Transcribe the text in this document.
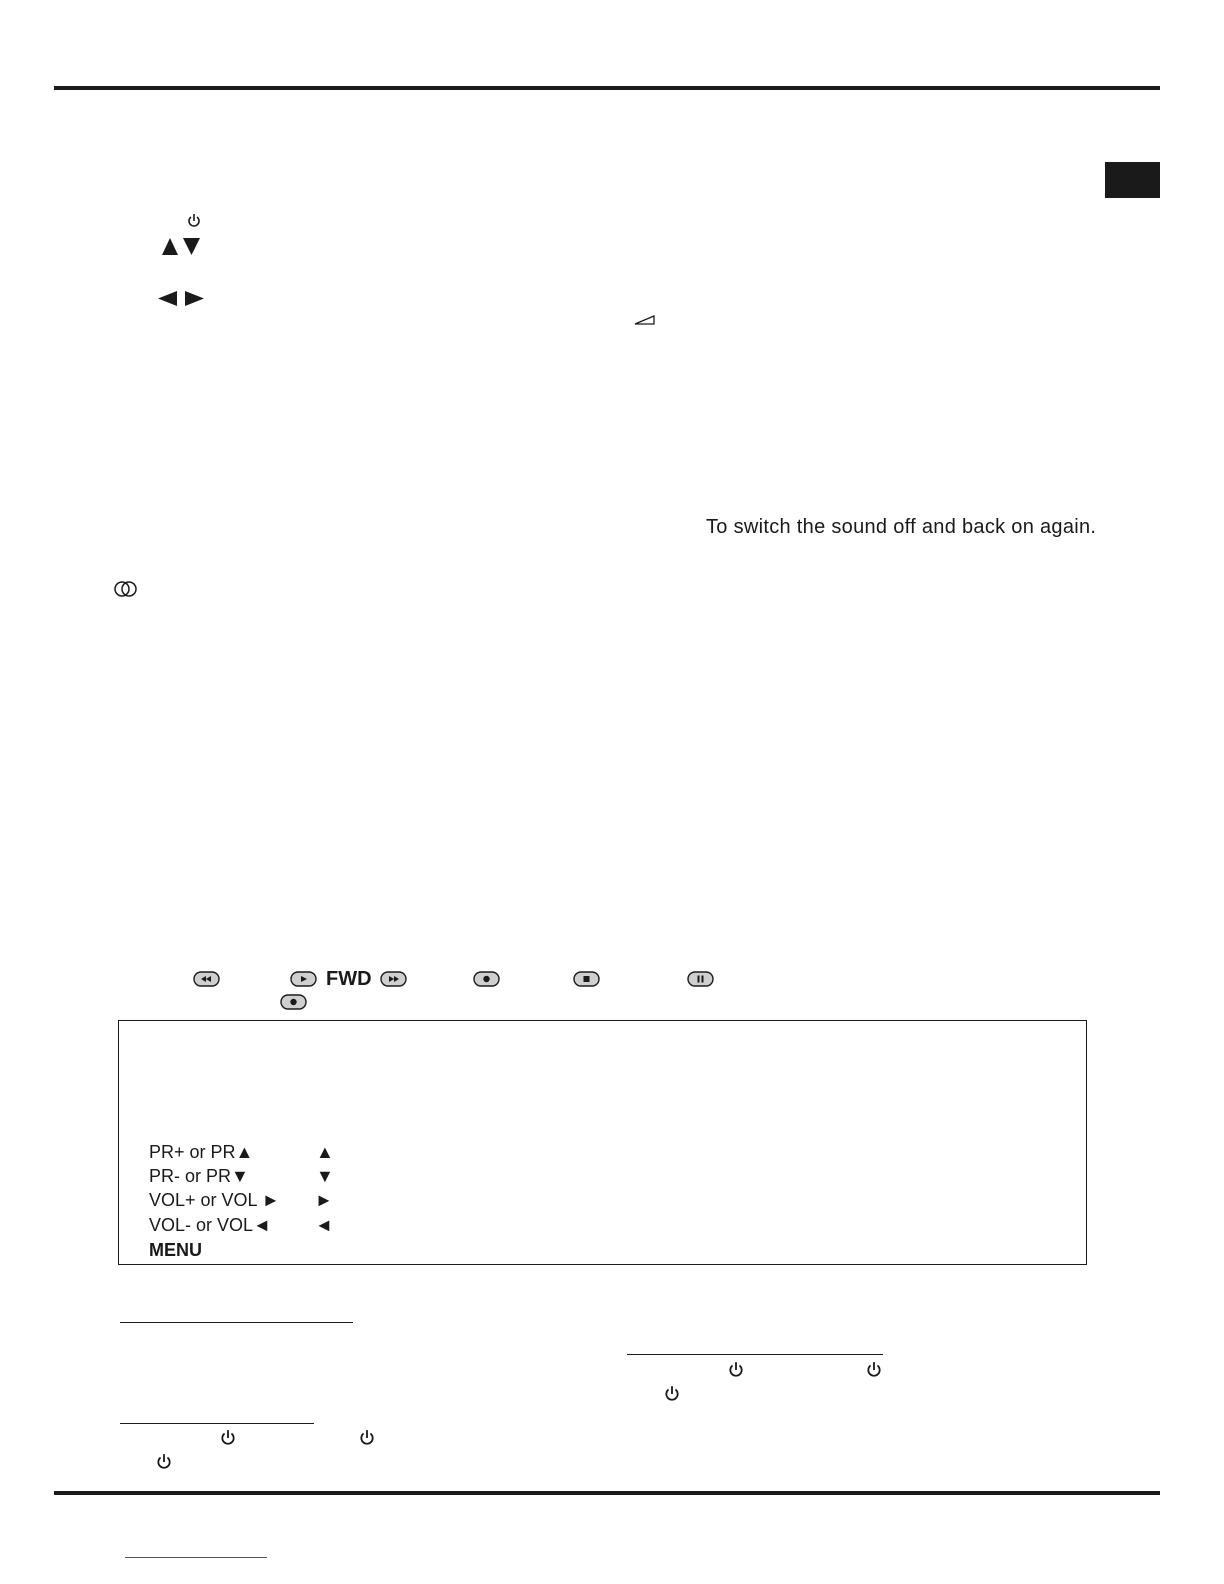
To switch the sound off and back on again.
FWD
PR+ or PR▲	▲
PR- or PR▼	▼
VOL+ or VOL ► ►
VOL- or VOL◄ ◄
MENU
